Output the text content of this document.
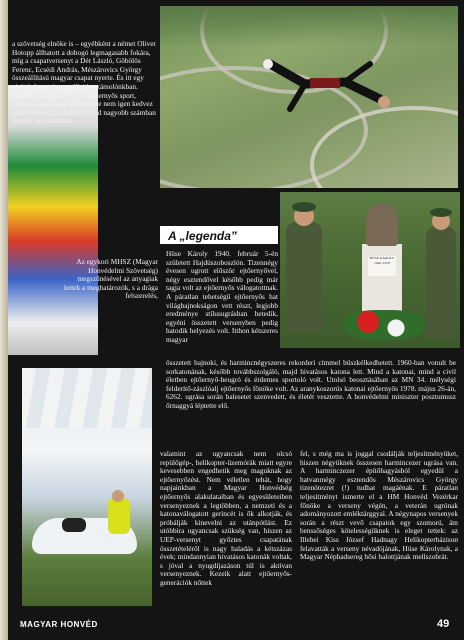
a szövetség elnöke is – egyébként a német Oliver Hotopp állhatott a dobogó legmagasabb fokára, míg a csapatversenyt a Dér László, Göbölös Ferenc, Ecsédi András, Mészárovics György összeállítású magyar csapat nyerte. És itt egy picit érdemes is megállni beszámolónkban. Bármilyen népszerű is az ejtőernyős sport, napjaink gazdasági környezete nem igen kedvez elterjedésének, a fiatalok mind nagyobb számban történő bevonásának.

Az egykori MHSZ (Magyar Honvédelmi Szövetség) megszűnésével az anyagiak lettek a meghatározók, s a drága felszerelés,

HÜSE KÁROLY 1940–1978
A „legenda”

Hüse Károly 1940. február 5-én született Hajdúszoboszlón. Tizennégy évesen ugrott először ejtőernyővel, négy esztendővel később pedig már tagja volt az ejtőernyős válogatottnak. A páratlan tehetségű ejtőernyős hat világbajnokságon vett részt, legjobb eredménye stílusugrásban hetedik, egyéni összetett versenyben pedig hatodik helyezés volt. Itthon kétszeres magyar

összetett bajnoki, és harmincnégyszeres rekorderi címmel büszkélkedhetett. 1960-ban vonult be sorkatonának, később továbbszolgáló, majd hivatásos katona lett. Mind a katonai, mind a civil életben ejtőernyő-beugró és érdemes sportoló volt. Utolsó beosztásában az MN 34. mélységi felderítő-zászlóalj ejtőernyős főnöke volt. Az aranykoszorús katonai ejtőernyős 1978. május 26-án, 6262. ugrása során balesetet szenvedett, és életét vesztette. A honvédelmi miniszter posztumusz őrnaggyá léptette elő.

valamint az ugyancsak nem olcsó repülőgép-, helikopter-üzemórák miatt egyre kevesebben engedhetik meg maguknak az ejtőernyőzést. Nem véletlen tehát, hogy napjainkban a Magyar Honvédség ejtőernyős alakulataiban és egyesületeiben versenyeznek a legtöbben, a nemzeti és a katonaválogatott gerincét is ők alkotják, és próbálják kinevelni az utánpótlást. Ez utóbbira ugyancsak szükség van, hiszen az UEP-versenyt győztes csapatának összetételéről is nagy haladás a kétszázas évek; mindannyian hivatásos katonák voltak, s jóval a nyugdíjazáson túl is aktívan versenyeznek. Kezeik alatt ejtőernyős-generációk nőttek

fel, s még ma is joggal csodálják teljesítményüket, hiszen négyüknek összesen harmincezer ugrása van. A harminczezer építőhagyásból egyedül a hatvanmégy esztendős Mészárovics György tizenötezret (!) tudhat magáénak. E páratlan teljesítményt ismerte el a HM Honvéd Vezérkar főnöke a verseny végén, a veterán ugrónak adományozott emléktárggyal. A négynapos versenyek során a részt vevő csapatok egy szomorú, ám benssőséges kötelességüknek is eleget tettek: az Illebei Kiss József Hadnagy Helikopterbázison felavatták a verseny névadójának, Hüse Károlynak, a Magyar Néphadsereg hősi halottjának mellszobrát.

MAGYAR HONVÉD	49
